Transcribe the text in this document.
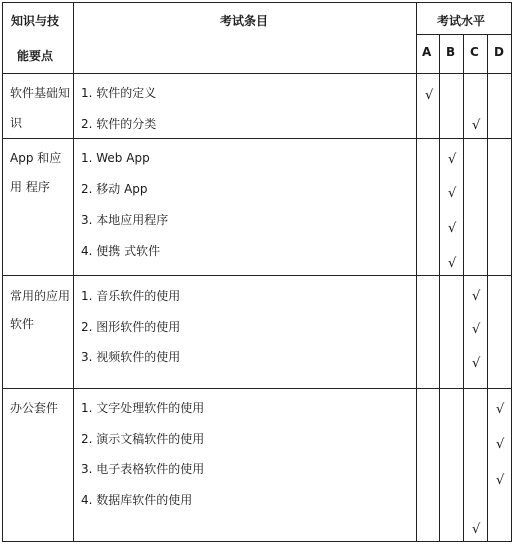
知识与技
能要点
考试条目	考试水平
A B C D
软件基础知
识
1. 软件的定义
2. 软件的分类
√
√
App 和应
用 程序
1. Web App
2. 移动 App
3. 本地应用程序
4. 便携 式软件
√
√
√
√
常用的应用
软件
1. 音乐软件的使用
2. 图形软件的使用
3. 视频软件的使用
√
√
√
办公套件 1. 文字处理软件的使用
2. 演示文稿软件的使用
3. 电子表格软件的使用
4. 数据库软件的使用
√
√
√
√
